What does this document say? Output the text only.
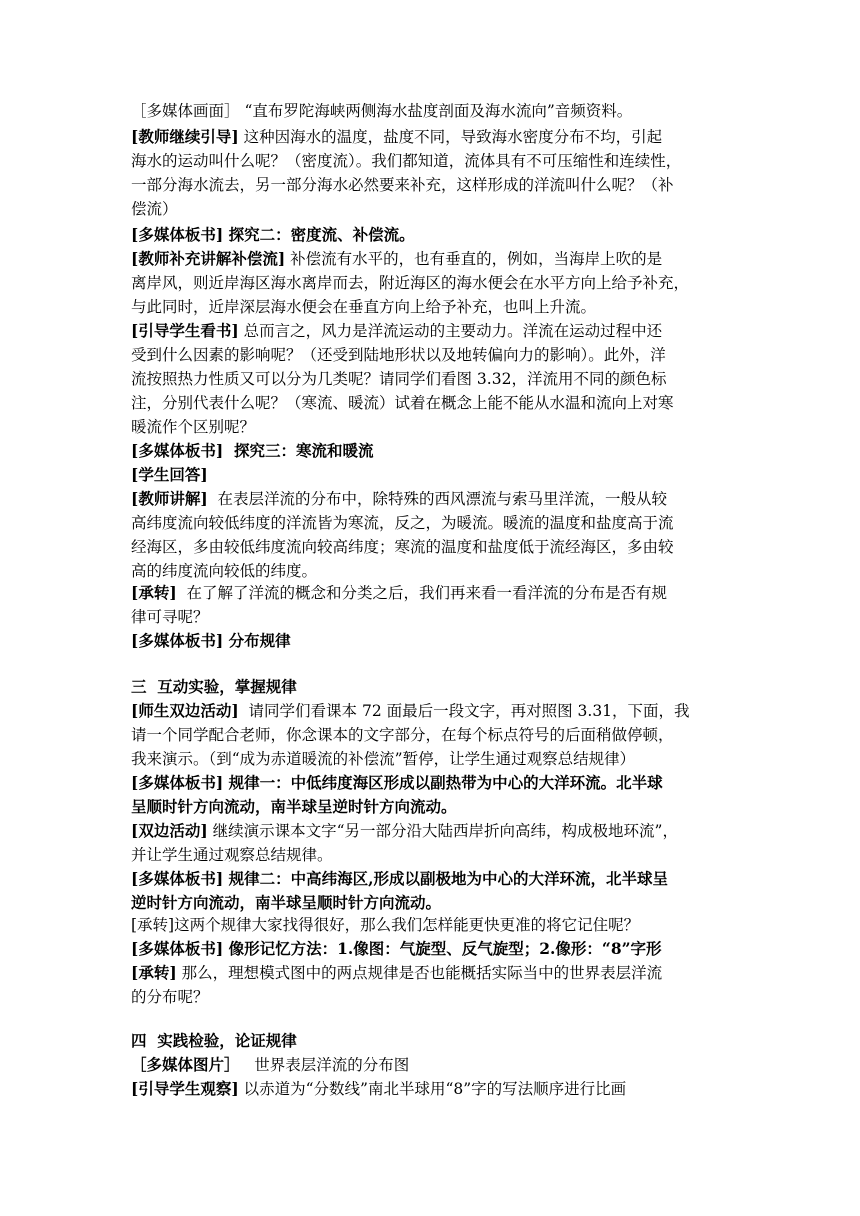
［多媒体画面］ “直布罗陀海峡两侧海水盐度剖面及海水流向”音频资料。
[教师继续引导] 这种因海水的温度，盐度不同，导致海水密度分布不均，引起
海水的运动叫什么呢？（密度流）。我们都知道，流体具有不可压缩性和连续性，
一部分海水流去，另一部分海水必然要来补充，这样形成的洋流叫什么呢？（补
偿流）
[多媒体板书] 探究二：密度流、补偿流。
[教师补充讲解补偿流] 补偿流有水平的，也有垂直的，例如，当海岸上吹的是
离岸风，则近岸海区海水离岸而去，附近海区的海水便会在水平方向上给予补充，
与此同时，近岸深层海水便会在垂直方向上给予补充，也叫上升流。
[引导学生看书] 总而言之，风力是洋流运动的主要动力。洋流在运动过程中还
受到什么因素的影响呢？（还受到陆地形状以及地转偏向力的影响）。此外，洋
流按照热力性质又可以分为几类呢？请同学们看图 3.32，洋流用不同的颜色标
注，分别代表什么呢？（寒流、暖流）试着在概念上能不能从水温和流向上对寒
暖流作个区别呢？
[多媒体板书]  探究三：寒流和暖流
[学生回答]
[教师讲解]  在表层洋流的分布中，除特殊的西风漂流与索马里洋流，一般从较
高纬度流向较低纬度的洋流皆为寒流，反之，为暖流。暖流的温度和盐度高于流
经海区，多由较低纬度流向较高纬度；寒流的温度和盐度低于流经海区，多由较
高的纬度流向较低的纬度。
[承转]  在了解了洋流的概念和分类之后，我们再来看一看洋流的分布是否有规
律可寻呢？
[多媒体板书] 分布规律
三  互动实验，掌握规律
[师生双边活动]  请同学们看课本 72 面最后一段文字，再对照图 3.31，下面，我
请一个同学配合老师，你念课本的文字部分，在每个标点符号的后面稍做停顿，
我来演示。（到“成为赤道暖流的补偿流”暂停，让学生通过观察总结规律）
[多媒体板书] 规律一：中低纬度海区形成以副热带为中心的大洋环流。北半球
呈顺时针方向流动，南半球呈逆时针方向流动。
[双边活动] 继续演示课本文字“另一部分沿大陆西岸折向高纬，构成极地环流”，
并让学生通过观察总结规律。
[多媒体板书] 规律二：中高纬海区,形成以副极地为中心的大洋环流，北半球呈
逆时针方向流动，南半球呈顺时针方向流动。
[承转]这两个规律大家找得很好，那么我们怎样能更快更准的将它记住呢？
[多媒体板书] 像形记忆方法：1.像图：气旋型、反气旋型；2.像形：“8”字形
[承转] 那么，理想模式图中的两点规律是否也能概括实际当中的世界表层洋流
的分布呢？
四  实践检验，论证规律
［多媒体图片］   世界表层洋流的分布图
[引导学生观察] 以赤道为“分数线”南北半球用“8”字的写法顺序进行比画
